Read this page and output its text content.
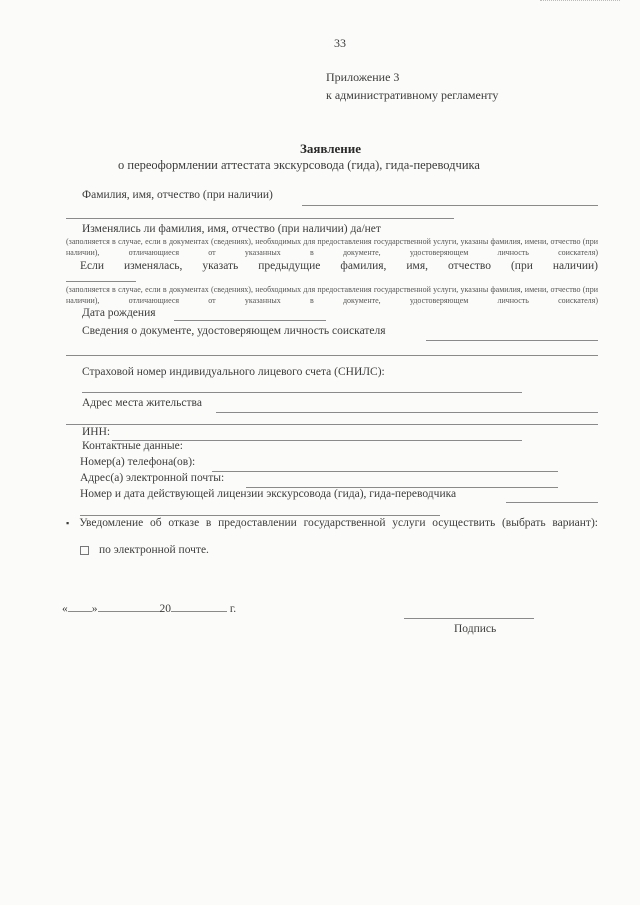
33
Приложение 3
к административному регламенту
Заявление
о переоформлении аттестата экскурсовода (гида), гида-переводчика
Фамилия, имя, отчество (при наличии)
Изменялись ли фамилия, имя, отчество (при наличии) да/нет
(заполняется в случае, если в документах (сведениях), необходимых для предоставления государственной услуги, указаны фамилия, имени, отчество (при наличии), отличающиеся от указанных в документе, удостоверяющем личность соискателя)
Если изменялась, указать предыдущие фамилия, имя, отчество (при наличии)
(заполняется в случае, если в документах (сведениях), необходимых для предоставления государственной услуги, указаны фамилия, имени, отчество (при наличии), отличающиеся от указанных в документе, удостоверяющем личность соискателя)
Дата рождения
Сведения о документе, удостоверяющем личность соискателя
Страховой номер индивидуального лицевого счета (СНИЛС):
Адрес места жительства
ИНН:
Контактные данные:
Номер(а) телефона(ов):
Адрес(а) электронной почты:
Номер и дата действующей лицензии экскурсовода (гида), гида-переводчика
▪ Уведомление об отказе в предоставлении государственной услуги осуществить (выбрать вариант):
по электронной почте.
« »	20	г.
Подпись
